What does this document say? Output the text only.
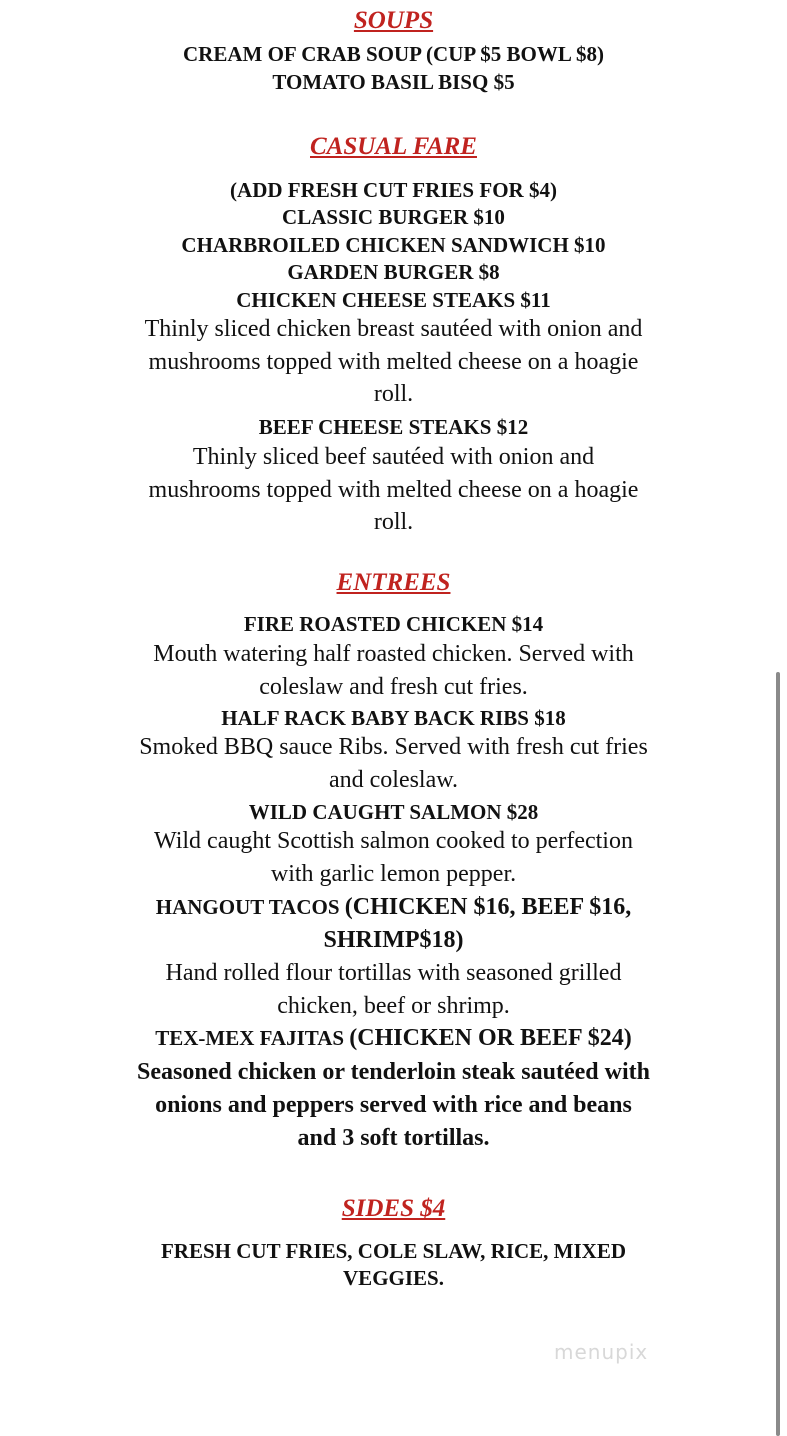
SOUPS
CREAM OF CRAB SOUP (CUP $5 BOWL $8)
TOMATO BASIL BISQ $5
CASUAL FARE
(ADD FRESH CUT FRIES FOR $4)
CLASSIC BURGER $10
CHARBROILED CHICKEN SANDWICH $10
GARDEN BURGER $8
CHICKEN CHEESE STEAKS $11
Thinly sliced chicken breast sautéed with onion and
mushrooms topped with melted cheese on a hoagie
roll.
BEEF CHEESE STEAKS $12
Thinly sliced beef sautéed with onion and
mushrooms topped with melted cheese on a hoagie
roll.
ENTREES
FIRE ROASTED CHICKEN $14
Mouth watering half roasted chicken. Served with
coleslaw and fresh cut fries.
HALF RACK BABY BACK RIBS $18
Smoked BBQ sauce Ribs. Served with fresh cut fries
and coleslaw.
WILD CAUGHT SALMON $28
Wild caught Scottish salmon cooked to perfection
with garlic lemon pepper.
HANGOUT TACOS (CHICKEN $16, BEEF $16,
SHRIMP$18)
Hand rolled flour tortillas with seasoned grilled
chicken, beef or shrimp.
TEX-MEX FAJITAS (CHICKEN OR BEEF $24)
Seasoned chicken or tenderloin steak sautéed with
onions and peppers served with rice and beans
and 3 soft tortillas.
SIDES $4
FRESH CUT FRIES, COLE SLAW, RICE, MIXED
VEGGIES.
menupix
